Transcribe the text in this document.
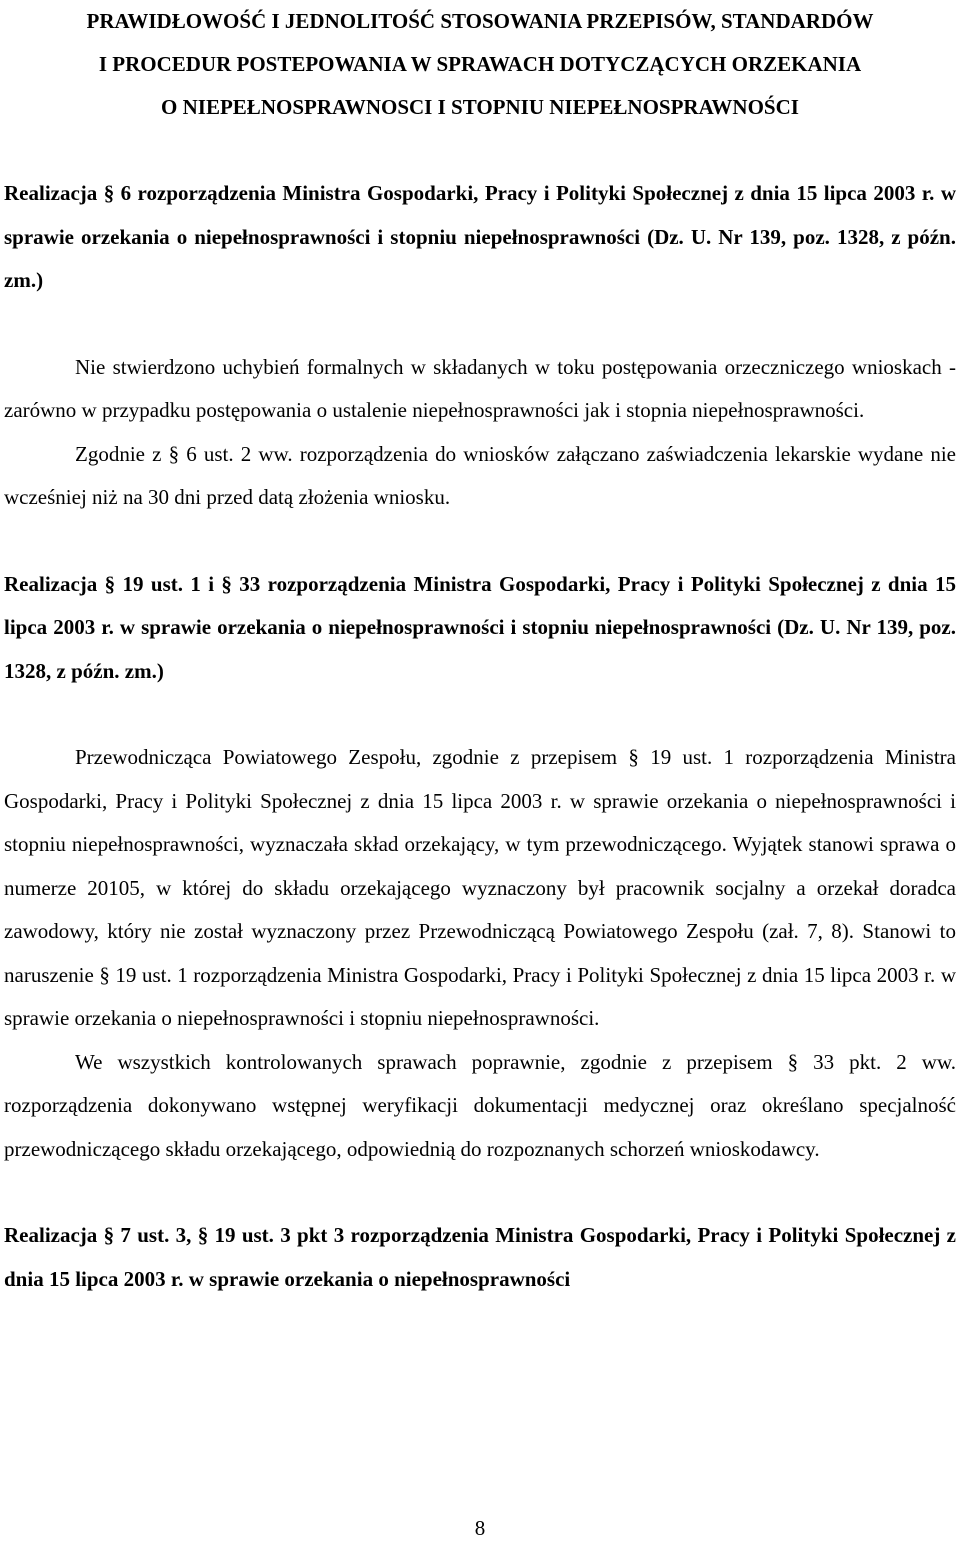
PRAWIDŁOWOŚĆ I JEDNOLITOŚĆ STOSOWANIA PRZEPISÓW, STANDARDÓW
I PROCEDUR POSTEPOWANIA W SPRAWACH DOTYCZĄCYCH ORZEKANIA
O NIEPEŁNOSPRAWNOSCI I STOPNIU NIEPEŁNOSPRAWNOŚCI

Realizacja § 6 rozporządzenia Ministra Gospodarki, Pracy i Polityki Społecznej z dnia 15 lipca 2003 r. w sprawie orzekania o niepełnosprawności i stopniu niepełnosprawności (Dz. U. Nr 139, poz. 1328, z późn. zm.)

Nie stwierdzono uchybień formalnych w składanych w toku postępowania orzeczniczego wnioskach - zarówno w przypadku postępowania o ustalenie niepełnosprawności jak i stopnia niepełnosprawności.

Zgodnie z § 6 ust. 2 ww. rozporządzenia do wniosków załączano zaświadczenia lekarskie wydane nie wcześniej niż na 30 dni przed datą złożenia wniosku.

Realizacja § 19 ust. 1 i § 33 rozporządzenia Ministra Gospodarki, Pracy i Polityki Społecznej z dnia 15 lipca 2003 r. w sprawie orzekania o niepełnosprawności i stopniu niepełnosprawności (Dz. U. Nr 139, poz. 1328, z późn. zm.)

Przewodnicząca Powiatowego Zespołu, zgodnie z przepisem § 19 ust. 1 rozporządzenia Ministra Gospodarki, Pracy i Polityki Społecznej z dnia 15 lipca 2003 r. w sprawie orzekania o niepełnosprawności i stopniu niepełnosprawności, wyznaczała skład orzekający, w tym przewodniczącego. Wyjątek stanowi sprawa o numerze 20105, w której do składu orzekającego wyznaczony był pracownik socjalny a orzekał doradca zawodowy, który nie został wyznaczony przez Przewodniczącą Powiatowego Zespołu (zał. 7, 8). Stanowi to naruszenie § 19 ust. 1 rozporządzenia Ministra Gospodarki, Pracy i Polityki Społecznej z dnia 15 lipca 2003 r. w sprawie orzekania o niepełnosprawności i stopniu niepełnosprawności.

We wszystkich kontrolowanych sprawach poprawnie, zgodnie z przepisem § 33 pkt. 2 ww. rozporządzenia dokonywano wstępnej weryfikacji dokumentacji medycznej oraz określano specjalność przewodniczącego składu orzekającego, odpowiednią do rozpoznanych schorzeń wnioskodawcy.

Realizacja § 7 ust. 3, § 19 ust. 3 pkt 3 rozporządzenia Ministra Gospodarki, Pracy i Polityki Społecznej z dnia 15 lipca 2003 r. w sprawie orzekania o niepełnosprawności

8
